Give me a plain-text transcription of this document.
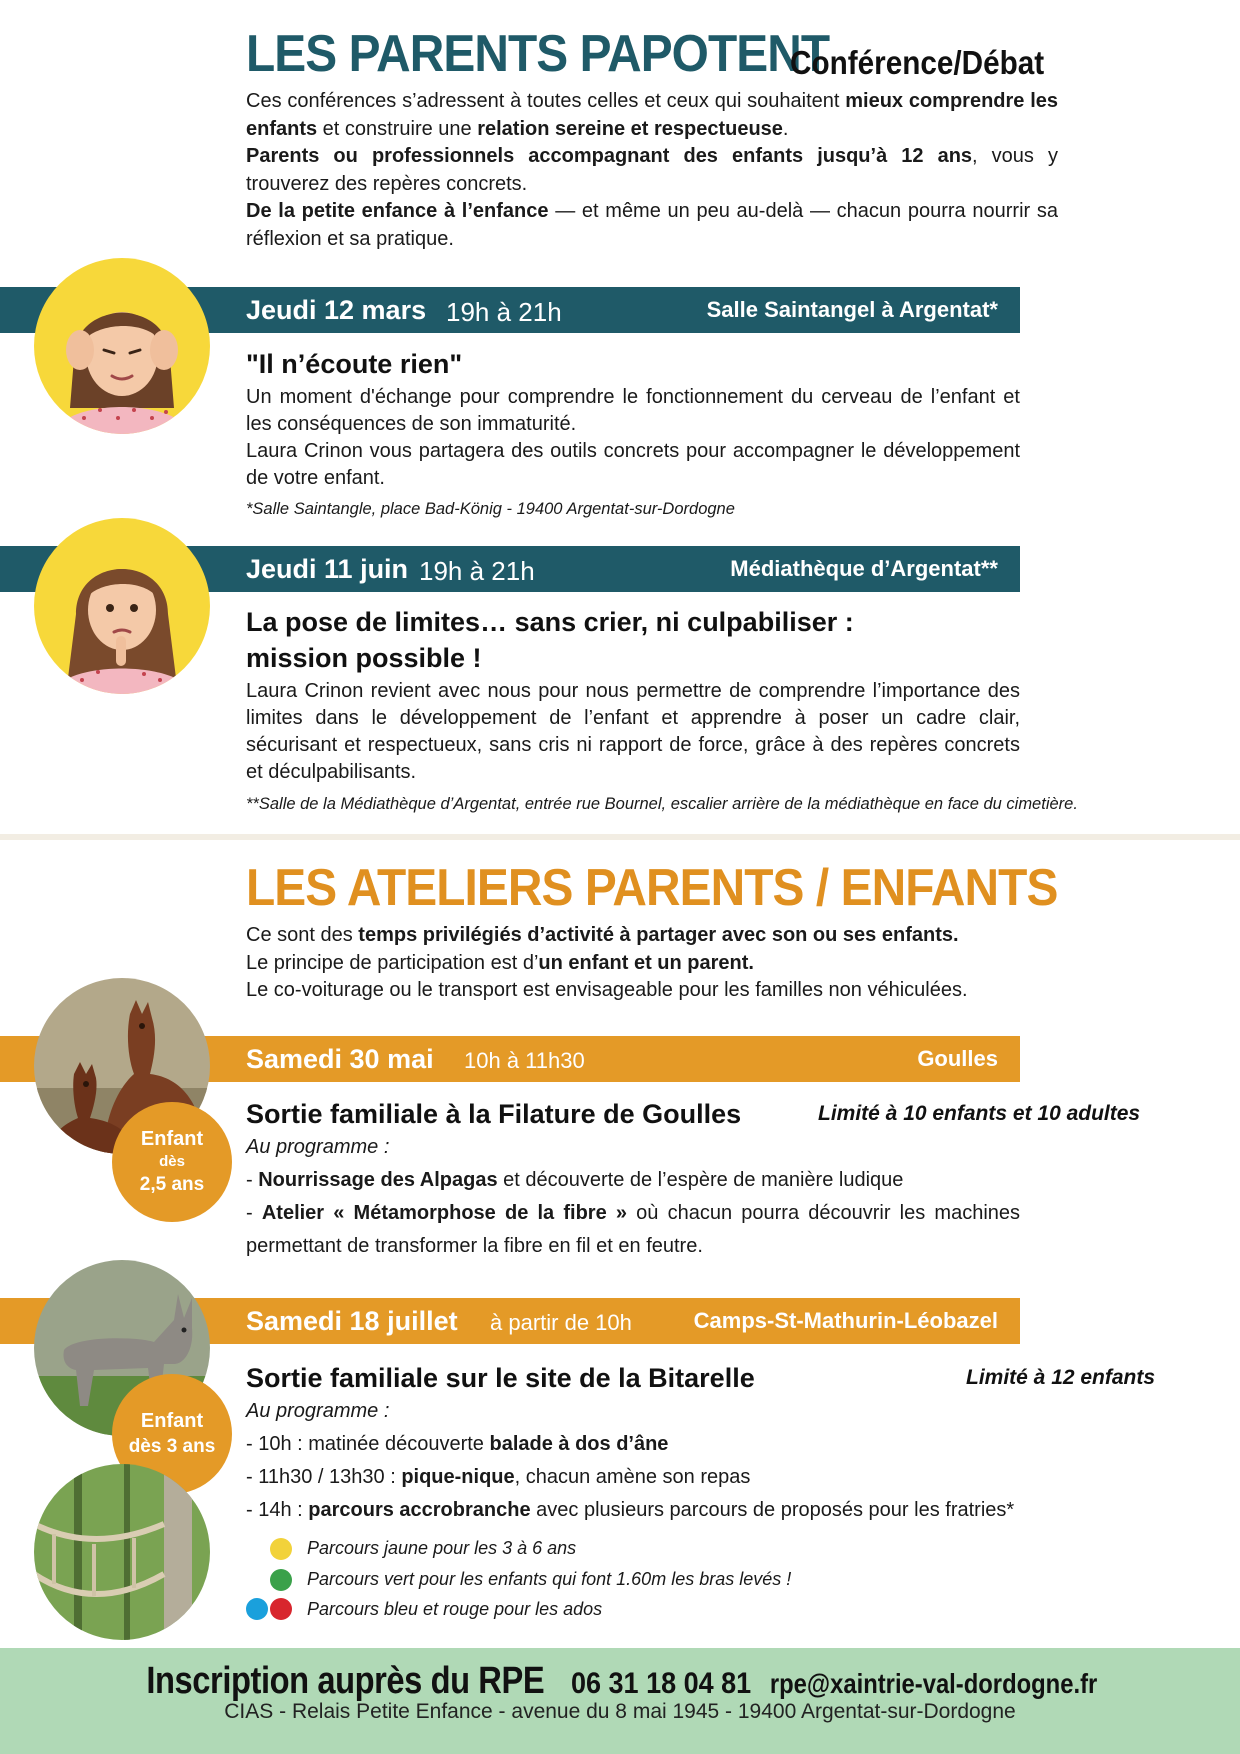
LES PARENTS PAPOTENT
Conférence/Débat

Ces conférences s’adressent à toutes celles et ceux qui souhaitent mieux comprendre les enfants et construire une relation sereine et respectueuse.

Parents ou professionnels accompagnant des enfants jusqu’à 12 ans, vous y trouverez des repères concrets.

De la petite enfance à l’enfance — et même un peu au-delà — chacun pourra nourrir sa réflexion et sa pratique.

Jeudi 12 mars 19h à 21h	Salle Saintangel à Argentat*
"Il n’écoute rien"

Un moment d'échange pour comprendre le fonctionnement du cerveau de l’enfant et les conséquences de son immaturité.

Laura Crinon vous partagera des outils concrets pour accompagner le développement de votre enfant.

*Salle Saintangle, place Bad-König - 19400 Argentat-sur-Dordogne
Jeudi 11 juin 19h à 21h	Médiathèque d’Argentat**
La pose de limites… sans crier, ni culpabiliser :
mission possible !
Laura Crinon revient avec nous pour nous permettre de comprendre l’importance des limites dans le développement de l’enfant et apprendre à poser un cadre clair, sécurisant et respectueux, sans cris ni rapport de force, grâce à des repères concrets et déculpabilisants.
**Salle de la Médiathèque d’Argentat, entrée rue Bournel, escalier arrière de la médiathèque en face du cimetière.
LES ATELIERS PARENTS / ENFANTS

Ce sont des temps privilégiés d’activité à partager avec son ou ses enfants.

Le principe de participation est d’un enfant et un parent.

Le co-voiturage ou le transport est envisageable pour les familles non véhiculées.

Samedi 30 mai 10h à 11h30	Goulles
Enfant
dès
2,5 ans
Sortie familiale à la Filature de Goulles	Limité à 10 enfants et 10 adultes
Au programme :
- Nourrissage des Alpagas et découverte de l’espère de manière ludique
- Atelier « Métamorphose de la fibre » où chacun pourra découvrir les machines permettant de transformer la fibre en fil et en feutre.
Samedi 18 juillet à partir de 10h	Camps-St-Mathurin-Léobazel
Enfant
dès 3 ans
Sortie familiale sur le site de la Bitarelle	Limité à 12 enfants
Au programme :
- 10h : matinée découverte balade à dos d’âne
- 11h30 / 13h30 : pique-nique, chacun amène son repas
- 14h : parcours accrobranche avec plusieurs parcours de proposés pour les fratries*
Parcours jaune pour les 3 à 6 ans
Parcours vert pour les enfants qui font 1.60m les bras levés !
Parcours bleu et rouge pour les ados
Inscription auprès du RPE 06 31 18 04 81 rpe@xaintrie-val-dordogne.fr
CIAS - Relais Petite Enfance - avenue du 8 mai 1945 - 19400 Argentat-sur-Dordogne
